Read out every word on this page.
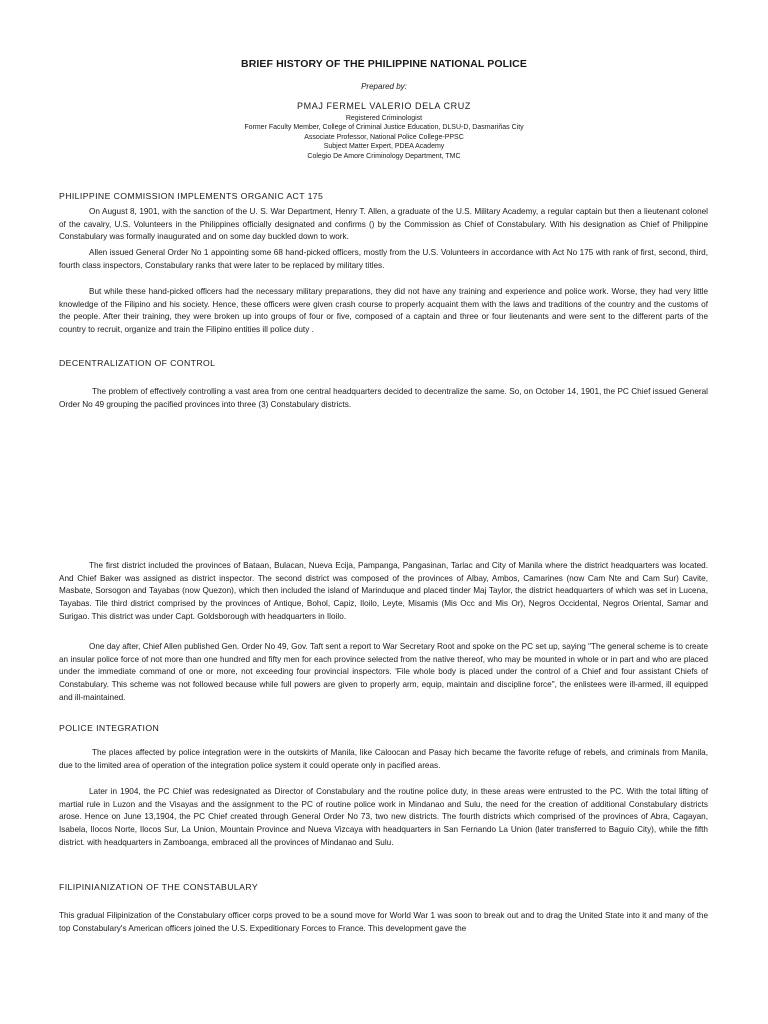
BRIEF HISTORY OF THE PHILIPPINE NATIONAL POLICE
Prepared by:
PMAJ FERMEL VALERIO DELA CRUZ
Registered Criminologist
Former Faculty Member, College of Criminal Justice Education, DLSU-D, Dasmariñas City
Associate Professor, National Police College-PPSC
Subject Matter Expert, PDEA Academy
Colegio De Amore Criminology Department, TMC
PHILIPPINE COMMISSION IMPLEMENTS ORGANIC ACT 175

On August 8, 1901, with the sanction of the U. S. War Department, Henry T. Allen, a graduate of the U.S. Military Academy, a regular captain but then a lieutenant colonel of the cavalry, U.S. Volunteers in the Philippines officially designated and confirms () by the Commission as Chief of Constabulary. With his designation as Chief of Philippine Constabulary was formally inaugurated and on some day buckled down to work.

Allen issued General Order No 1 appointing some 68 hand-picked officers, mostly from the U.S. Volunteers in accordance with Act No 175 with rank of first, second, third, fourth class inspectors, Constabulary ranks that were later to be replaced by military titles.

But while these hand-picked officers had the necessary military preparations, they did not have any training and experience and police work. Worse, they had very little knowledge of the Filipino and his society. Hence, these officers were given crash course to properly acquaint them with the laws and traditions of the country and the customs of the people. After their training, they were broken up into groups of four or five, composed of a captain and three or four lieutenants and were sent to the different parts of the country to recruit, organize and train the Filipino entities ill police duty .

DECENTRALIZATION OF CONTROL

The problem of effectively controlling a vast area from one central headquarters decided to decentralize the same. So, on October 14, 1901, the PC Chief issued General Order No 49 grouping the pacified provinces into three (3) Constabulary districts.

The first district included the provinces of Bataan, Bulacan, Nueva Ecija, Pampanga, Pangasinan, Tarlac and City of Manila where the district headquarters was located. And Chief Baker was assigned as district inspector. The second district was composed of the provinces of Albay, Ambos, Camarines (now Cam Nte and Cam Sur) Cavite, Masbate, Sorsogon and Tayabas (now Quezon), which then included the island of Marinduque and placed tinder Maj Taylor, the district headquarters of which was set in Lucena, Tayabas. Tile third district comprised by the provinces of Antique, Bohol, Capiz, Iloilo, Leyte, Misamis (Mis Occ and Mis Or), Negros Occidental, Negros Oriental, Samar and Surigao. This district was under Capt. Goldsborough with headquarters in Iloilo.

One day after, Chief Allen published Gen. Order No 49, Gov. Taft sent a report to War Secretary Root and spoke on the PC set up, saying "The general scheme is to create an insular police force of not more than one hundred and fifty men for each province selected from the native thereof, who may be mounted in whole or in part and who are placed under the immediate command of one or more, not exceeding four provincial inspectors. 'File whole body is placed under the control of a Chief and four assistant Chiefs of Constabulary. This scheme was not followed because while full powers are given to properly arm, equip, maintain and discipline force", the enlistees were ill-armed, ill equipped and ill-maintained.

POLICE INTEGRATION

The places affected by police integration were in the outskirts of Manila, like Caloocan and Pasay hich became the favorite refuge of rebels, and criminals from Manila, due to the limited area of operation of the integration police system it could operate only in pacified areas.

Later in 1904, the PC Chief was redesignated as Director of Constabulary and the routine police duty, in these areas were entrusted to the PC. With the total lifting of martial rule in Luzon and the Visayas and the assignment to the PC of routine police work in Mindanao and Sulu, the need for the creation of additional Constabulary districts arose. Hence on June 13,1904, the PC Chief created through General Order No 73, two new districts. The fourth districts which comprised of the provinces of Abra, Cagayan, Isabela, Ilocos Norte, Ilocos Sur, La Union, Mountain Province and Nueva Vizcaya with headquarters in San Fernando La Union (later transferred to Baguio City), while the fifth district. with headquarters in Zamboanga, embraced all the provinces of Mindanao and Sulu.

FILIPINIANIZATION OF THE CONSTABULARY

This gradual Filipinization of the Constabulary officer corps proved to be a sound move for World War 1 was soon to break out and to drag the United State into it and many of the top Constabulary's American officers joined the U.S. Expeditionary Forces to France. This development gave the
